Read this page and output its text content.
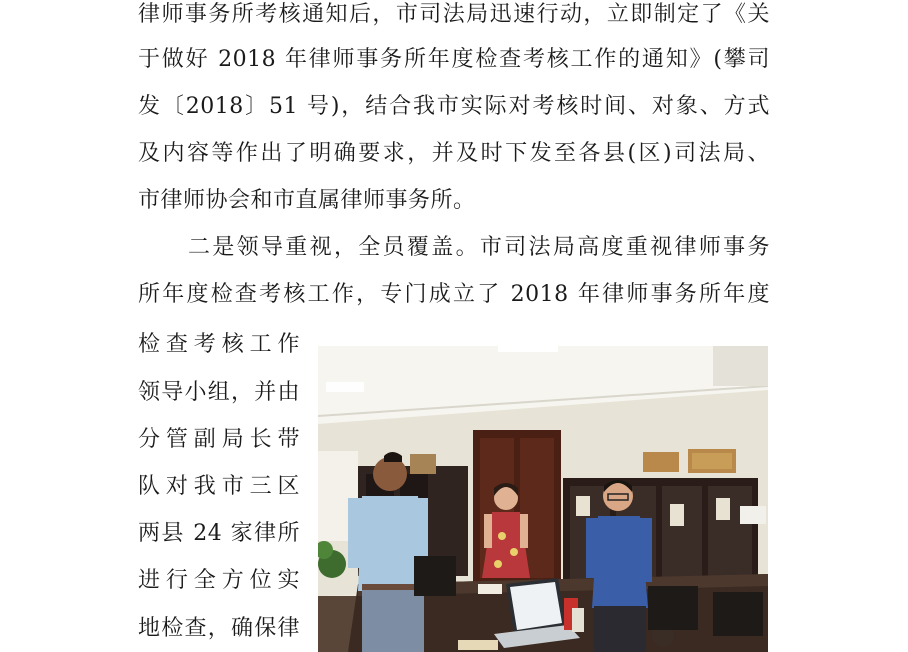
律师事务所考核通知后，市司法局迅速行动，立即制定了《关
于做好 2018 年律师事务所年度检查考核工作的通知》(攀司
发〔2018〕51 号)，结合我市实际对考核时间、对象、方式
及内容等作出了明确要求，并及时下发至各县(区)司法局、
市律师协会和市直属律师事务所。
二是领导重视，全员覆盖。市司法局高度重视律师事务
所年度检查考核工作，专门成立了 2018 年律师事务所年度
检查考核工作
领导小组，并由
分管副局长带
队对我市三区
两县 24 家律所
进行全方位实
地检查，确保律
